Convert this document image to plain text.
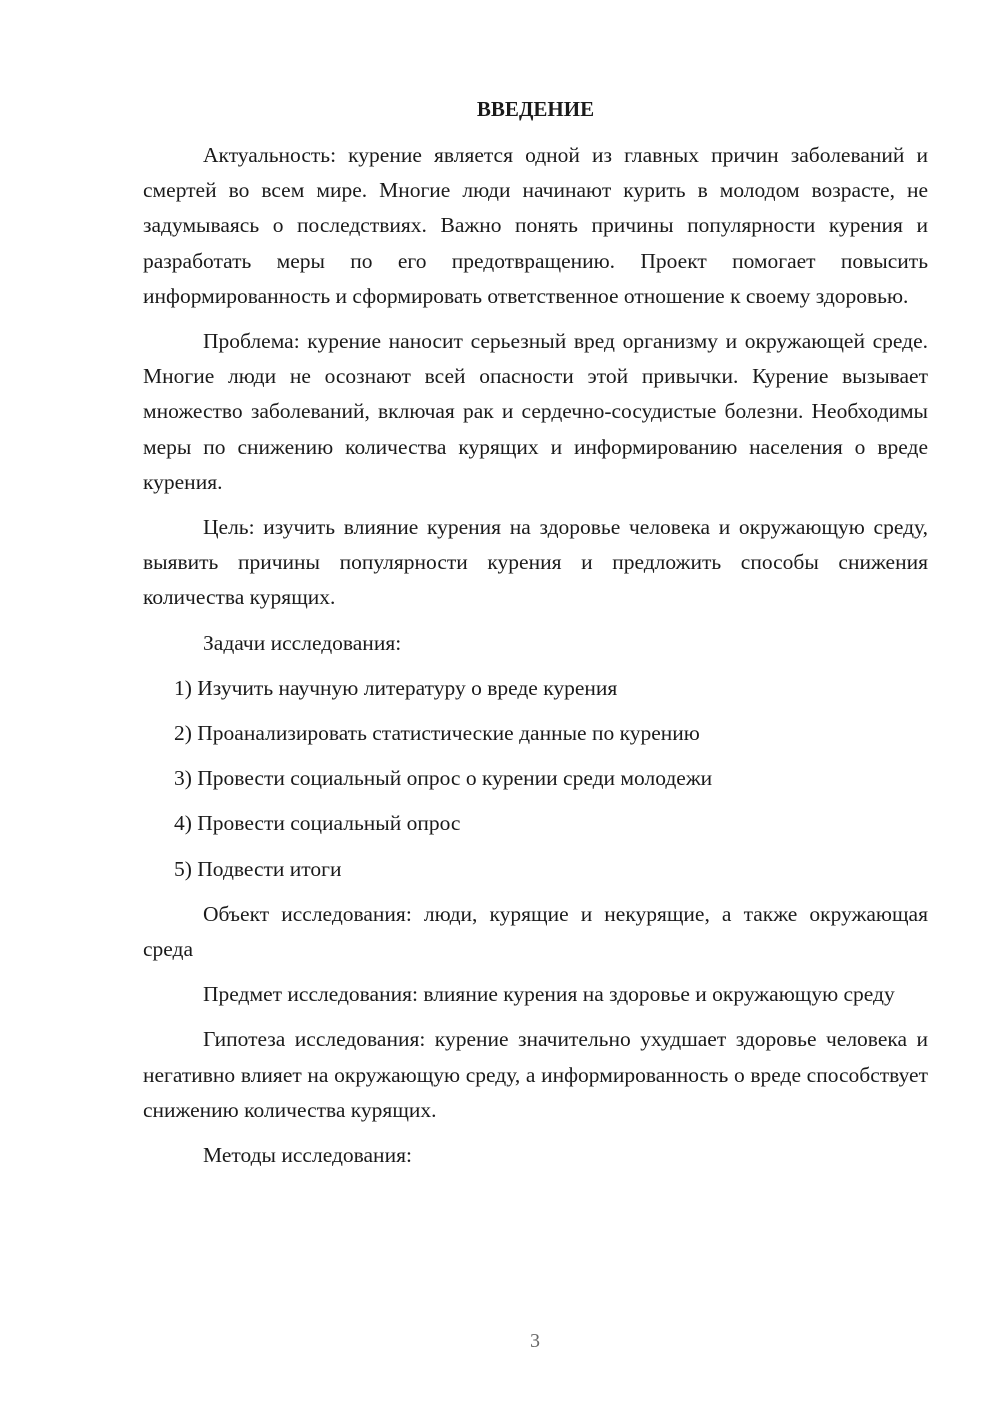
ВВЕДЕНИЕ

Актуальность: курение является одной из главных причин заболеваний и смертей во всем мире. Многие люди начинают курить в молодом возрасте, не задумываясь о последствиях. Важно понять причины популярности курения и разработать меры по его предотвращению. Проект помогает повысить информированность и сформировать ответственное отношение к своему здоровью.

Проблема: курение наносит серьезный вред организму и окружающей среде. Многие люди не осознают всей опасности этой привычки. Курение вызывает множество заболеваний, включая рак и сердечно-сосудистые болезни. Необходимы меры по снижению количества курящих и информированию населения о вреде курения.

Цель: изучить влияние курения на здоровье человека и окружающую среду, выявить причины популярности курения и предложить способы снижения количества курящих.

Задачи исследования:

1) Изучить научную литературу о вреде курения
2) Проанализировать статистические данные по курению
3) Провести социальный опрос о курении среди молодежи
4) Провести социальный опрос
5) Подвести итоги

Объект исследования: люди, курящие и некурящие, а также окружающая среда

Предмет исследования: влияние курения на здоровье и окружающую среду

Гипотеза исследования: курение значительно ухудшает здоровье человека и негативно влияет на окружающую среду, а информированность о вреде способствует снижению количества курящих.

Методы исследования:

3
